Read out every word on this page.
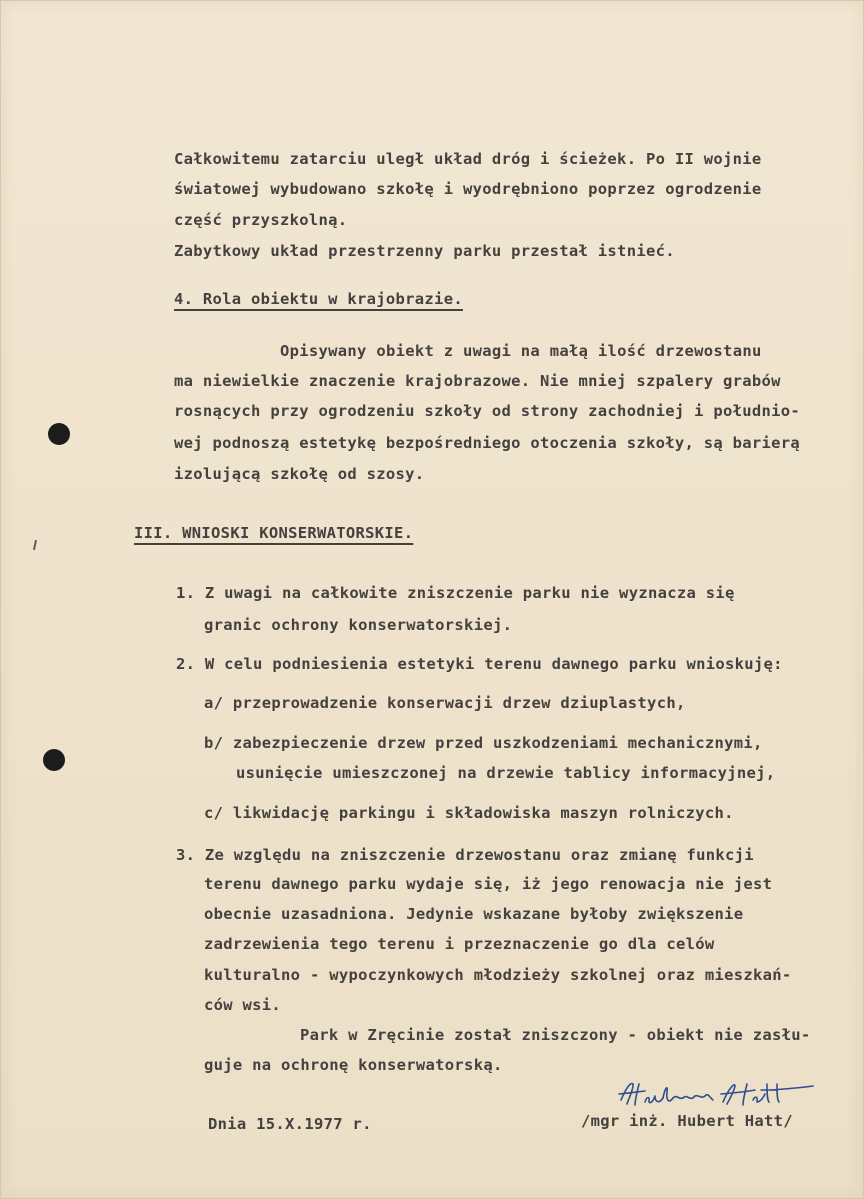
Całkowitemu zatarciu uległ układ dróg i ścieżek. Po II wojnie
światowej wybudowano szkołę i wyodrębniono poprzez ogrodzenie
część przyszkolną.
Zabytkowy układ przestrzenny parku przestał istnieć.
4. Rola obiektu w krajobrazie.
Opisywany obiekt z uwagi na małą ilość drzewostanu
ma niewielkie znaczenie krajobrazowe. Nie mniej szpalery grabów
rosnących przy ogrodzeniu szkoły od strony zachodniej i południo-
wej podnoszą estetykę bezpośredniego otoczenia szkoły, są barierą
izolującą szkołę od szosy.
III. WNIOSKI KONSERWATORSKIE.
1. Z uwagi na całkowite zniszczenie parku nie wyznacza się
granic ochrony konserwatorskiej.
2. W celu podniesienia estetyki terenu dawnego parku wnioskuję:
a/ przeprowadzenie konserwacji drzew dziuplastych,
b/ zabezpieczenie drzew przed uszkodzeniami mechanicznymi,
usunięcie umieszczonej na drzewie tablicy informacyjnej,
c/ likwidację parkingu i składowiska maszyn rolniczych.
3. Ze względu na zniszczenie drzewostanu oraz zmianę funkcji
terenu dawnego parku wydaje się, iż jego renowacja nie jest
obecnie uzasadniona. Jedynie wskazane byłoby zwiększenie
zadrzewienia tego terenu i przeznaczenie go dla celów
kulturalno - wypoczynkowych młodzieży szkolnej oraz mieszkań-
ców wsi.
Park w Zręcinie został zniszczony - obiekt nie zasłu-
guje na ochronę konserwatorską.
Dnia 15.X.1977 r.	/mgr inż. Hubert Hatt/
